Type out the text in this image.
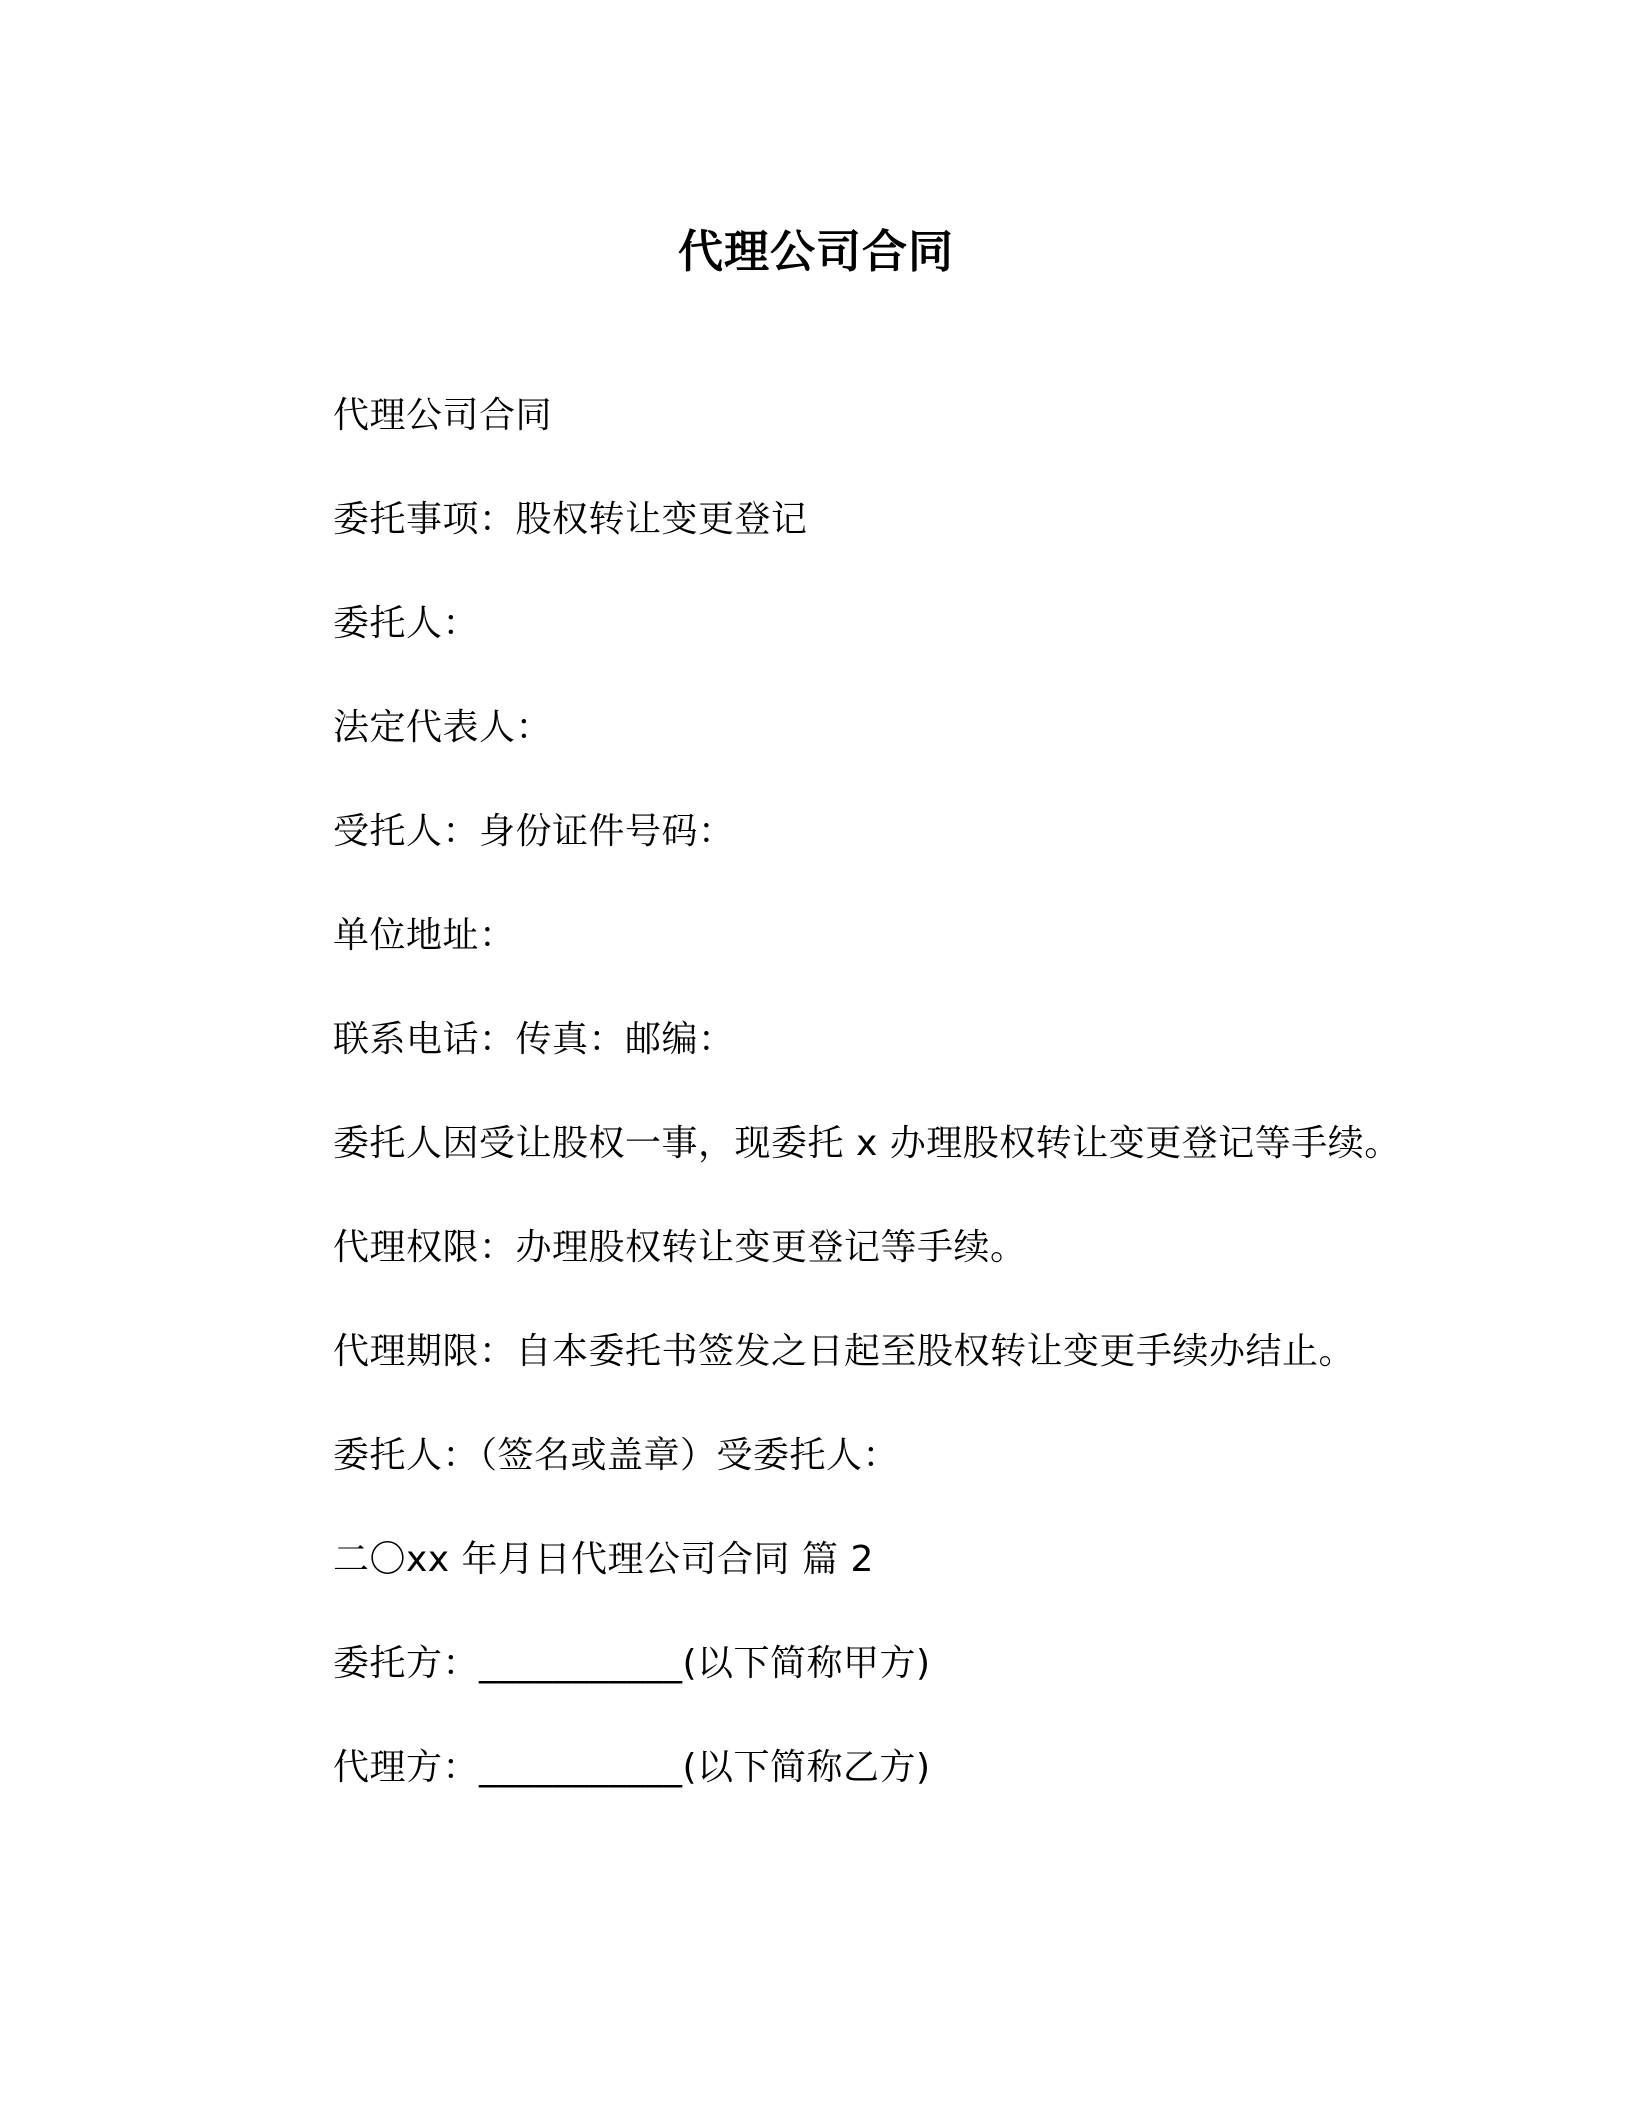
代理公司合同

代理公司合同

委托事项：股权转让变更登记

委托人：

法定代表人：

受托人：身份证件号码：

单位地址：

联系电话：传真：邮编：

委托人因受让股权一事，现委托 x 办理股权转让变更登记等手续。

代理权限：办理股权转让变更登记等手续。

代理期限：自本委托书签发之日起至股权转让变更手续办结止。

委托人：（签名或盖章）受委托人：

二〇xx 年月日代理公司合同 篇 2

委托方：___________(以下简称甲方)

代理方：___________(以下简称乙方)
